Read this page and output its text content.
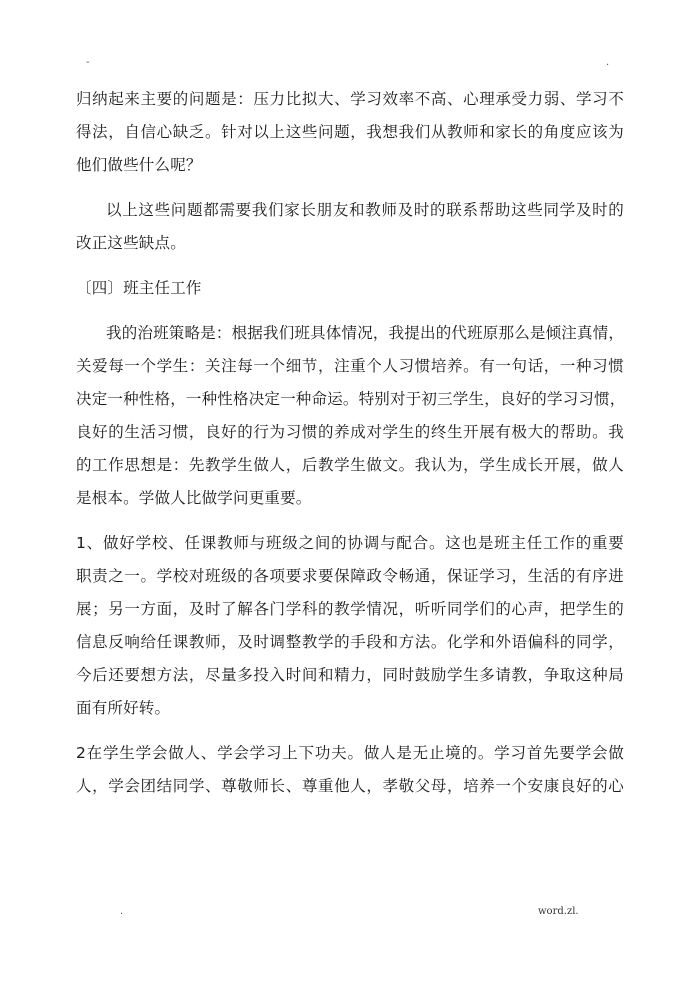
-	.
归纳起来主要的问题是：压力比拟大、学习效率不高、心理承受力弱、学习不
得法，自信心缺乏。针对以上这些问题，我想我们从教师和家长的角度应该为
他们做些什么呢？
以上这些问题都需要我们家长朋友和教师及时的联系帮助这些同学及时的
改正这些缺点。
〔四〕班主任工作
我的治班策略是：根据我们班具体情况，我提出的代班原那么是倾注真情，
关爱每一个学生：关注每一个细节，注重个人习惯培养。有一句话，一种习惯
决定一种性格，一种性格决定一种命运。特别对于初三学生，良好的学习习惯，
良好的生活习惯，良好的行为习惯的养成对学生的终生开展有极大的帮助。我
的工作思想是：先教学生做人，后教学生做文。我认为，学生成长开展，做人
是根本。学做人比做学问更重要。
1、做好学校、任课教师与班级之间的协调与配合。这也是班主任工作的重要
职责之一。学校对班级的各项要求要保障政令畅通，保证学习，生活的有序进
展；另一方面，及时了解各门学科的教学情况，听听同学们的心声，把学生的
信息反响给任课教师，及时调整教学的手段和方法。化学和外语偏科的同学，
今后还要想方法，尽量多投入时间和精力，同时鼓励学生多请教，争取这种局
面有所好转。
2在学生学会做人、学会学习上下功夫。做人是无止境的。学习首先要学会做
人，学会团结同学、尊敬师长、尊重他人，孝敬父母，培养一个安康良好的心
.	word.zl.
